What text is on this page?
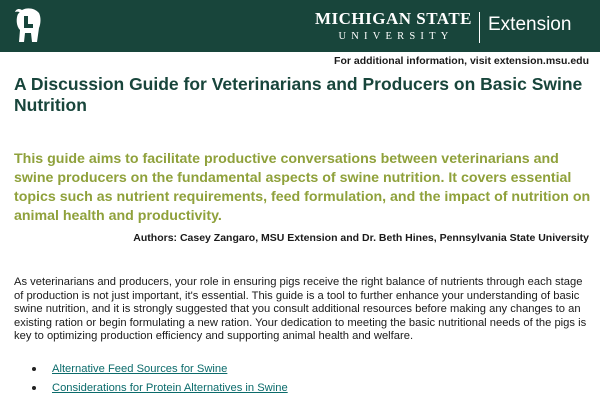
MICHIGAN STATE
UNIVERSITY
Extension
For additional information, visit extension.msu.edu
A Discussion Guide for Veterinarians and Producers on Basic Swine Nutrition

This guide aims to facilitate productive conversations between veterinarians and swine producers on the fundamental aspects of swine nutrition. It covers essential topics such as nutrient requirements, feed formulation, and the impact of nutrition on animal health and productivity.

Authors: Casey Zangaro, MSU Extension and Dr. Beth Hines, Pennsylvania State University

As veterinarians and producers, your role in ensuring pigs receive the right balance of nutrients through each stage of production is not just important, it's essential. This guide is a tool to further enhance your understanding of basic swine nutrition, and it is strongly suggested that you consult additional resources before making any changes to an existing ration or begin formulating a new ration. Your dedication to meeting the basic nutritional needs of the pigs is key to optimizing production efficiency and supporting animal health and welfare.

Alternative Feed Sources for Swine
Considerations for Protein Alternatives in Swine
